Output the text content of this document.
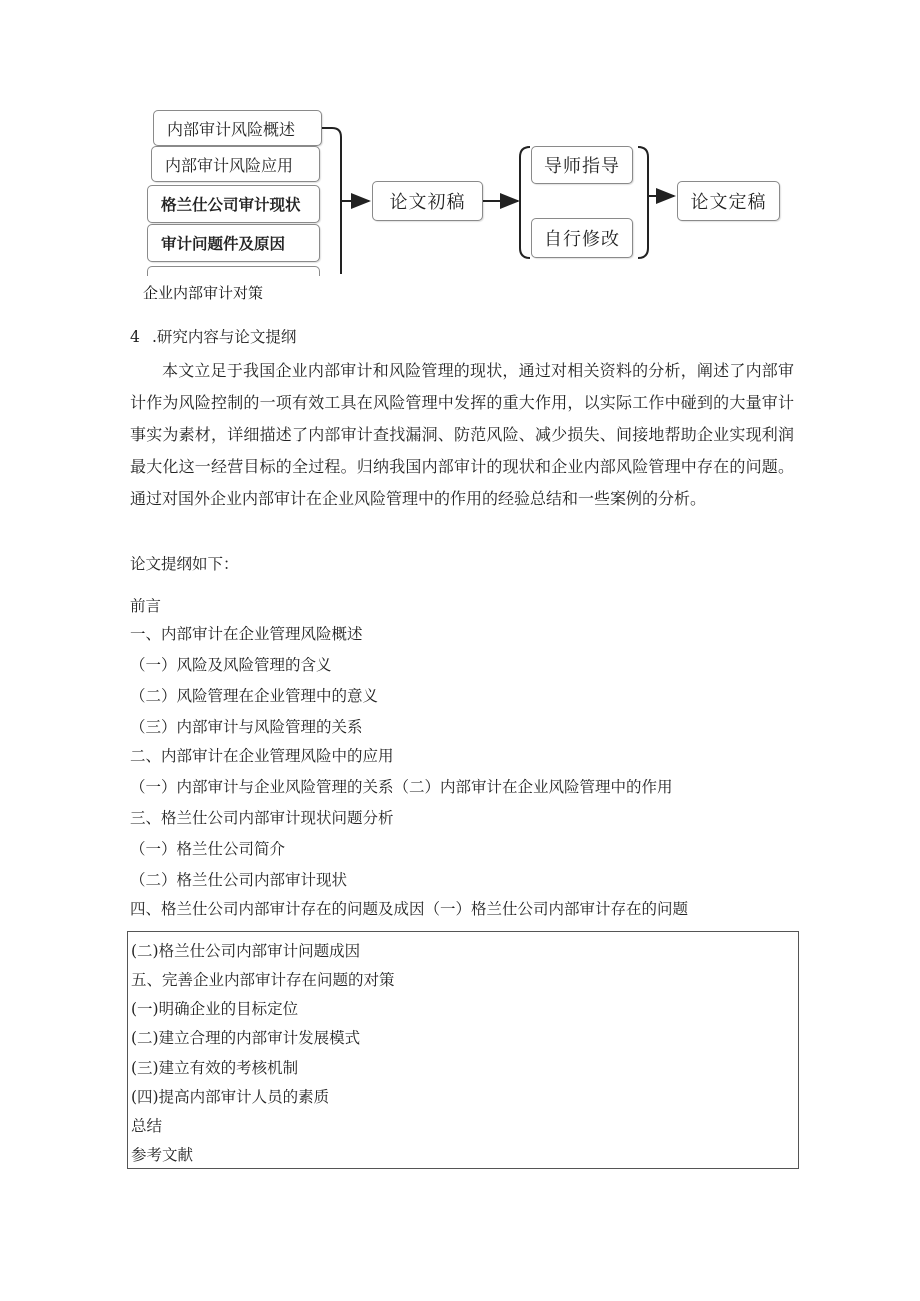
内部审计风险概述
内部审计风险应用
格兰仕公司审计现状
审计问题件及原因
论文初稿
导师指导
自行修改
论文定稿
企业内部审计对策
4 .研究内容与论文提纲
本文立足于我国企业内部审计和风险管理的现状，通过对相关资料的分析，阐述了内部审计作为风险控制的一项有效工具在风险管理中发挥的重大作用，以实际工作中碰到的大量审计事实为素材，详细描述了内部审计查找漏洞、防范风险、减少损失、间接地帮助企业实现利润最大化这一经营目标的全过程。归纳我国内部审计的现状和企业内部风险管理中存在的问题。通过对国外企业内部审计在企业风险管理中的作用的经验总结和一些案例的分析。
论文提纲如下：
前言
一、内部审计在企业管理风险概述
（一）风险及风险管理的含义
（二）风险管理在企业管理中的意义
（三）内部审计与风险管理的关系
二、内部审计在企业管理风险中的应用
（一）内部审计与企业风险管理的关系（二）内部审计在企业风险管理中的作用
三、格兰仕公司内部审计现状问题分析
（一）格兰仕公司简介
（二）格兰仕公司内部审计现状
四、格兰仕公司内部审计存在的问题及成因（一）格兰仕公司内部审计存在的问题
(二)格兰仕公司内部审计问题成因
五、完善企业内部审计存在问题的对策
(一)明确企业的目标定位
(二)建立合理的内部审计发展模式
(三)建立有效的考核机制
(四)提高内部审计人员的素质
总结
参考文献
